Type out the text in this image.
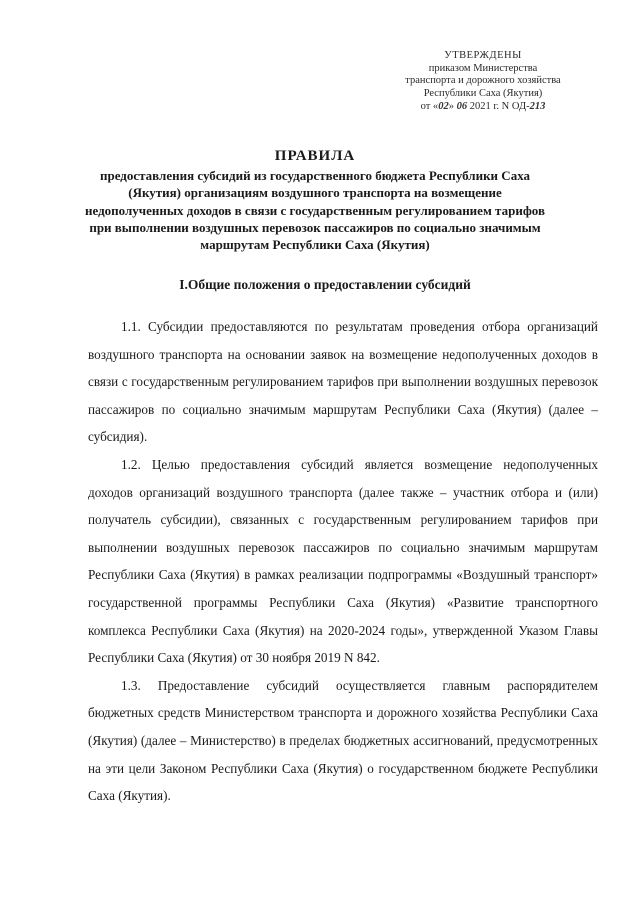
УТВЕРЖДЕНЫ
приказом Министерства
транспорта и дорожного хозяйства
Республики Саха (Якутия)
от «02» 06 2021 г. N ОД-213
ПРАВИЛА
предоставления субсидий из государственного бюджета Республики Саха (Якутия) организациям воздушного транспорта на возмещение недополученных доходов в связи с государственным регулированием тарифов при выполнении воздушных перевозок пассажиров по социально значимым маршрутам Республики Саха (Якутия)
I.Общие положения о предоставлении субсидий

1.1. Субсидии предоставляются по результатам проведения отбора организаций воздушного транспорта на основании заявок на возмещение недополученных доходов в связи с государственным регулированием тарифов при выполнении воздушных перевозок пассажиров по социально значимым маршрутам Республики Саха (Якутия) (далее – субсидия).

1.2. Целью предоставления субсидий является возмещение недополученных доходов организаций воздушного транспорта (далее также – участник отбора и (или) получатель субсидии), связанных с государственным регулированием тарифов при выполнении воздушных перевозок пассажиров по социально значимым маршрутам Республики Саха (Якутия) в рамках реализации подпрограммы «Воздушный транспорт» государственной программы Республики Саха (Якутия) «Развитие транспортного комплекса Республики Саха (Якутия) на 2020-2024 годы», утвержденной Указом Главы Республики Саха (Якутия) от 30 ноября 2019 N 842.

1.3. Предоставление субсидий осуществляется главным распорядителем бюджетных средств Министерством транспорта и дорожного хозяйства Республики Саха (Якутия) (далее – Министерство) в пределах бюджетных ассигнований, предусмотренных на эти цели Законом Республики Саха (Якутия) о государственном бюджете Республики Саха (Якутия).
